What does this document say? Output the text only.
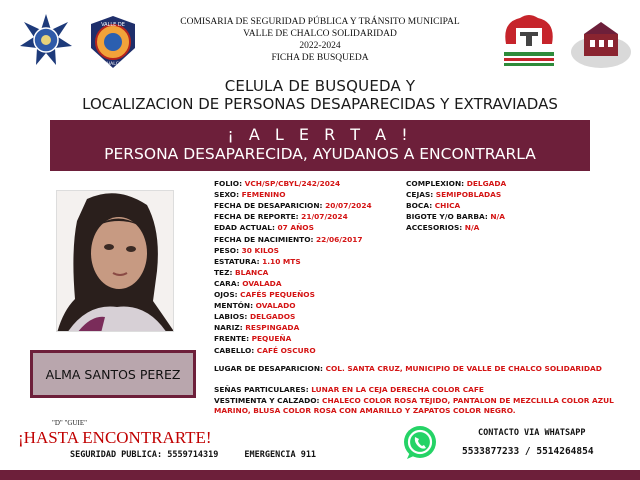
VALLE DE
CHALCO
COMISARIA DE SEGURIDAD PÚBLICA Y TRÁNSITO MUNICIPAL
VALLE DE CHALCO SOLIDARIDAD
2022-2024
FICHA DE BUSQUEDA
CELULA DE BUSQUEDA Y
LOCALIZACION DE PERSONAS DESAPARECIDAS Y EXTRAVIADAS
¡ A L E R T A !
PERSONA DESAPARECIDA, AYUDANOS A ENCONTRARLA
ALMA SANTOS PEREZ
FOLIO: VCH/SP/CBYL/242/2024
SEXO: FEMENINO
FECHA DE DESAPARICION: 20/07/2024
FECHA DE REPORTE: 21/07/2024
EDAD ACTUAL: 07 AÑOS
FECHA DE NACIMIENTO: 22/06/2017
PESO: 30 KILOS
ESTATURA: 1.10 MTS
TEZ: BLANCA
CARA: OVALADA
OJOS: CAFÉS PEQUEÑOS
MENTÓN: OVALADO
LABIOS: DELGADOS
NARIZ: RESPINGADA
FRENTE: PEQUEÑA
CABELLO: CAFÉ OSCURO
COMPLEXION: DELGADA
CEJAS: SEMIPOBLADAS
BOCA: CHICA
BIGOTE Y/O BARBA: N/A
ACCESORIOS: N/A
LUGAR DE DESAPARICION: COL. SANTA CRUZ, MUNICIPIO DE VALLE DE CHALCO SOLIDARIDAD
SEÑAS PARTICULARES: LUNAR EN LA CEJA DERECHA COLOR CAFE
VESTIMENTA Y CALZADO: CHALECO COLOR ROSA TEJIDO, PANTALON DE MEZCLILLA COLOR AZUL MARINO, BLUSA COLOR ROSA CON AMARILLO Y ZAPATOS COLOR NEGRO.
"D" "GUIE"
¡HASTA ENCONTRARTE!
SEGURIDAD PUBLICA: 5559714319	EMERGENCIA 911
CONTACTO VIA WHATSAPP
5533877233 / 5514264854
